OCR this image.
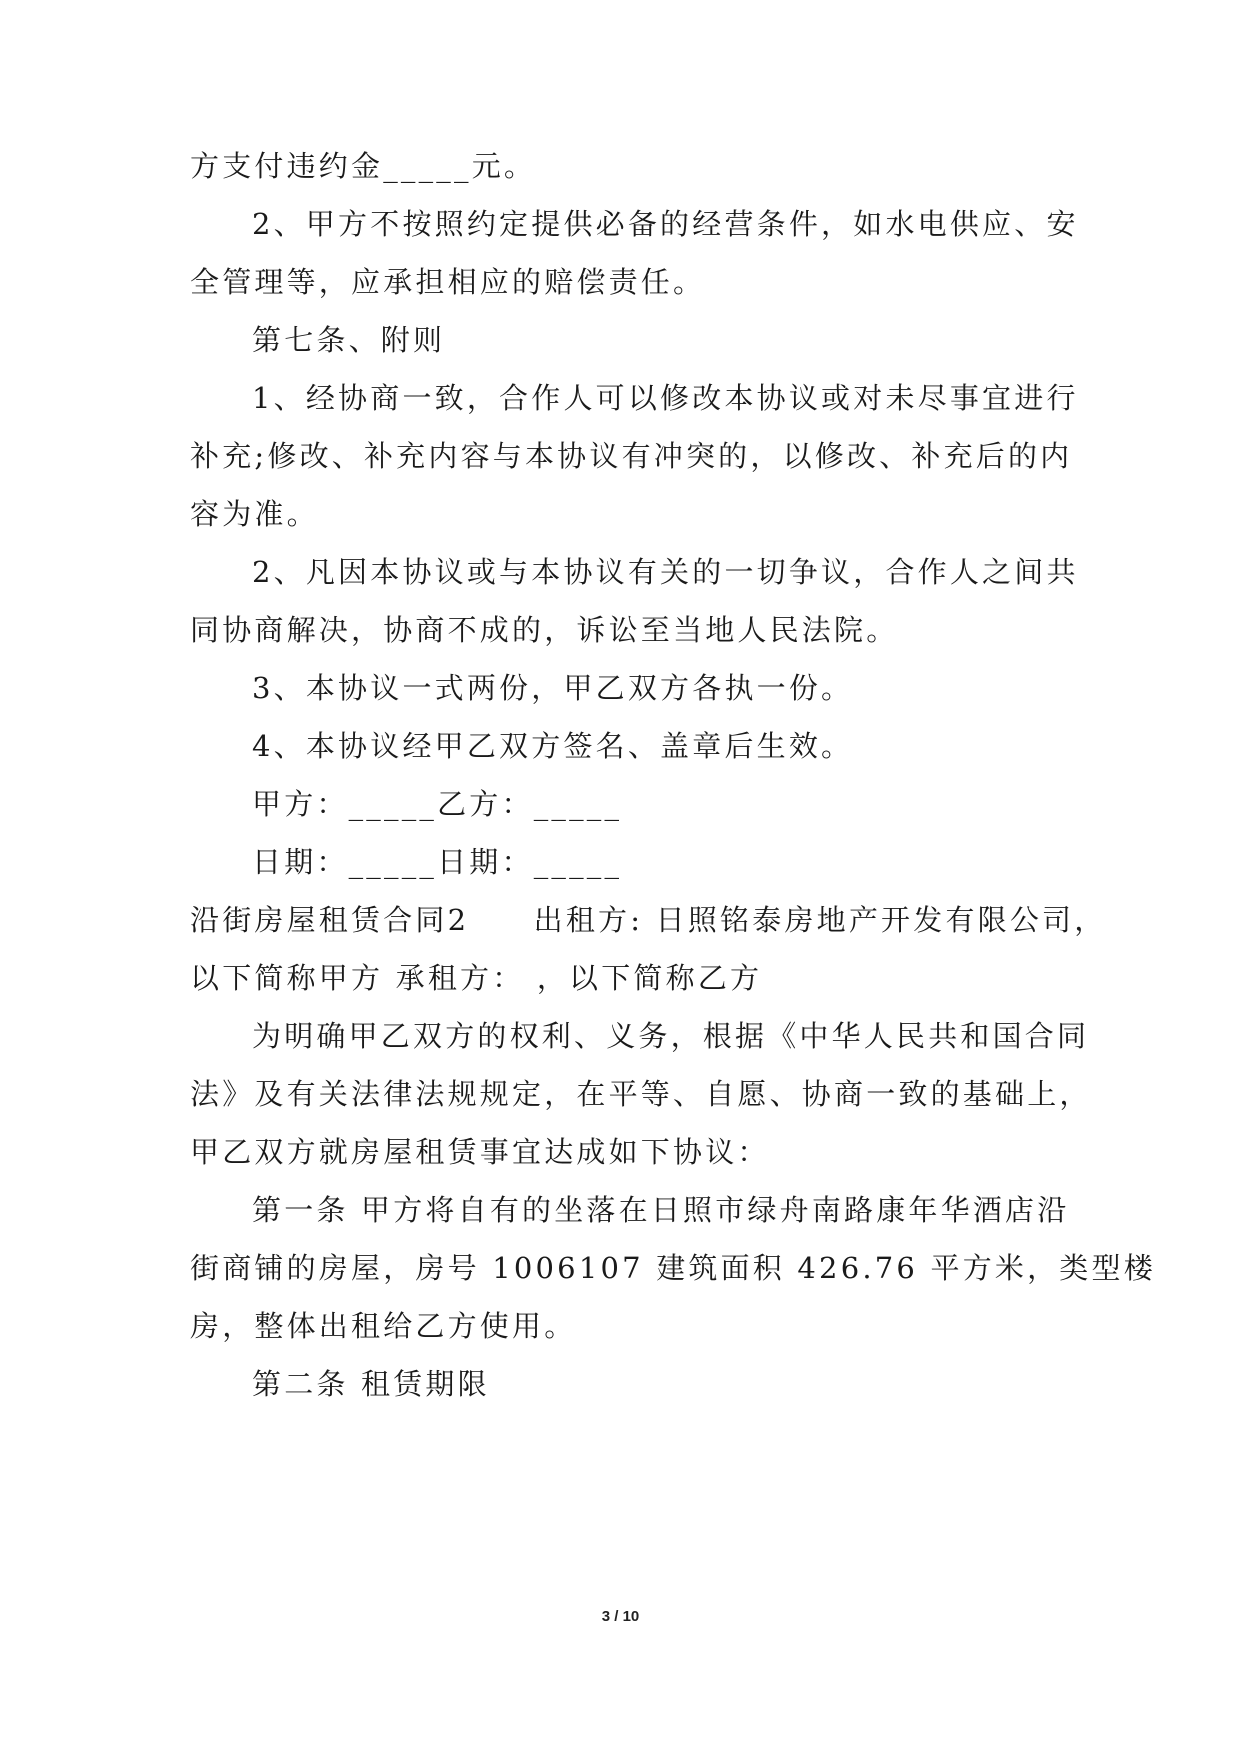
方支付违约金_____元。
2、甲方不按照约定提供必备的经营条件，如水电供应、安
全管理等，应承担相应的赔偿责任。
第七条、附则
1、经协商一致，合作人可以修改本协议或对未尽事宜进行
补充;修改、补充内容与本协议有冲突的，以修改、补充后的内
容为准。
2、凡因本协议或与本协议有关的一切争议，合作人之间共
同协商解决，协商不成的，诉讼至当地人民法院。
3、本协议一式两份，甲乙双方各执一份。
4、本协议经甲乙双方签名、盖章后生效。
甲方：_____乙方：_____
日期：_____日期：_____
沿街房屋租赁合同2　　出租方: 日照铭泰房地产开发有限公司，
以下简称甲方 承租方： ，以下简称乙方
为明确甲乙双方的权利、义务，根据《中华人民共和国合同
法》及有关法律法规规定，在平等、自愿、协商一致的基础上，
甲乙双方就房屋租赁事宜达成如下协议：
第一条 甲方将自有的坐落在日照市绿舟南路康年华酒店沿
街商铺的房屋，房号 1006107 建筑面积 426.76 平方米，类型楼
房，整体出租给乙方使用。
第二条 租赁期限
3 / 10
